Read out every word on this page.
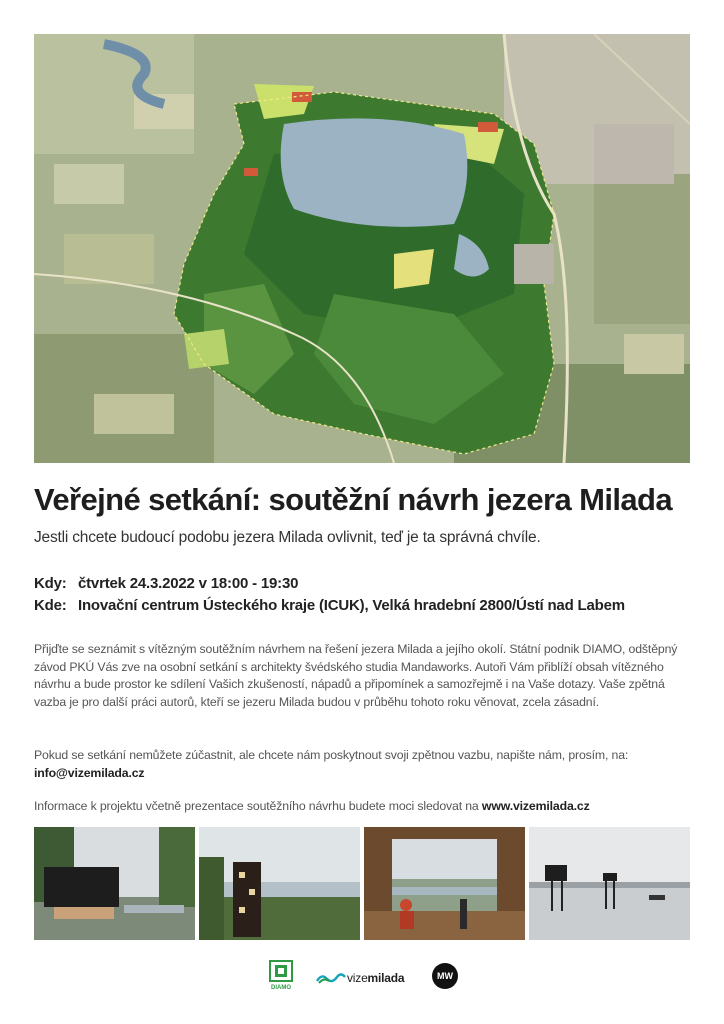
Veřejné setkání: soutěžní návrh jezera Milada
Jestli chcete budoucí podobu jezera Milada ovlivnit, teď je ta správná chvíle.
Kdy: čtvrtek 24.3.2022 v 18:00 - 19:30
Kde: Inovační centrum Ústeckého kraje (ICUK), Velká hradební 2800/Ústí nad Labem

Přijďte se seznámit s vítězným soutěžním návrhem na řešení jezera Milada a jejího okolí. Státní podnik DIAMO, odštěpný závod PKÚ Vás zve na osobní setkání s architekty švédského studia Mandaworks. Autoři Vám přiblíží obsah vítězného návrhu a bude prostor ke sdílení Vašich zkušeností, nápadů a připomínek a samozřejmě i na Vaše dotazy. Vaše zpětná vazba je pro další práci autorů, kteří se jezeru Milada budou v průběhu tohoto roku věnovat, zcela zásadní.

Pokud se setkání nemůžete zúčastnit, ale chcete nám poskytnout svoji zpětnou vazbu, napište nám, prosím, na:
info@vizemilada.cz
Informace k projektu včetně prezentace soutěžního návrhu budete moci sledovat na www.vizemilada.cz
DIAMO
vizemilada	MW
